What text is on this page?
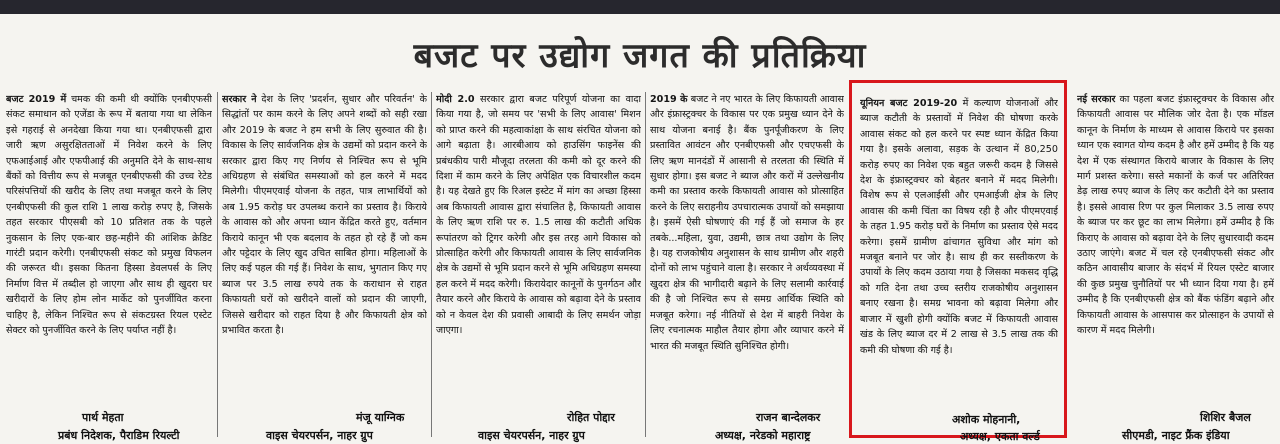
बजट पर उद्योग जगत की प्रतिक्रिया

बजट 2019 में चमक की कमी थी क्योंकि एनबीएफसी संकट समाधान को एजेंडा के रूप में बताया गया था लेकिन इसे गहराई से अनदेखा किया गया था। एनबीएफसी द्वारा जारी ऋण असुरक्षितताओं में निवेश करने के लिए एफआईआई और एफपीआई की अनुमति देने के साथ-साथ बैंकों को वित्तीय रूप से मजबूत एनबीएफसी की उच्च रेटेड परिसंपत्तियों की खरीद के लिए तथा मजबूत करने के लिए एनबीएफसी की कुल राशि 1 लाख करोड़ रुपए है, जिसके तहत सरकार पीएसबी को 10 प्रतिशत तक के पहले नुकसान के लिए एक-बार छह-महीने की आंशिक क्रेडिट गारंटी प्रदान करेगी। एनबीएफसी संकट को प्रमुख विफलन की जरूरत थी। इसका कितना हिस्सा डेवलपर्स के लिए निर्माण वित्त में तब्दील हो जाएगा और साथ ही खुदरा घर खरीदारों के लिए होम लोन मार्केट को पुनर्जीवित करना चाहिए है, लेकिन निश्चित रूप से संकटग्रस्त रियल एस्टेट सेक्टर को पुनर्जीवित करने के लिए पर्याप्त नहीं है।

पार्थ मेहता
प्रबंध निदेशक, पैराडिम रियल्टी

सरकार ने देश के लिए 'प्रदर्शन, सुधार और परिवर्तन' के सिद्धांतों पर काम करने के लिए अपने शब्दों को सही रखा और 2019 के बजट ने हम सभी के लिए सुरुवात की है। विकास के लिए सार्वजनिक क्षेत्र के उद्यमों को प्रदान करने के सरकार द्वारा किए गए निर्णय से निश्चित रूप से भूमि अधिग्रहण से संबंधित समस्याओं को हल करने में मदद मिलेगी। पीएमएवाई योजना के तहत, पात्र लाभार्थियों को अब 1.95 करोड़ घर उपलब्ध कराने का प्रस्ताव है। किराये के आवास को और अपना ध्यान केंद्रित करते हुए, वर्तमान किराये कानून भी एक बदलाव के तहत हो रहे हैं जो कम और पट्टेदार के लिए खुद उचित साबित होगा। महिलाओं के लिए कई पहल की गई हैं। निवेश के साथ, भुगतान किए गए ब्याज पर 3.5 लाख रुपये तक के कराधान से राहत किफायती घरों को खरीदने वालों को प्रदान की जाएगी, जिससे खरीदार को राहत दिया है और किफायती क्षेत्र को प्रभावित करता है।

मंजू याग्निक
वाइस चेयरपर्सन, नाहर ग्रुप

मोदी 2.0 सरकार द्वारा बजट परिपूर्ण योजना का वादा किया गया है, जो समय पर 'सभी के लिए आवास' मिशन को प्राप्त करने की महत्वाकांक्षा के साथ संरचित योजना को आगे बढ़ाता है। आरबीआय को हाउसिंग फाइनेंस की प्रबंधकीय पारी मौजूदा तरलता की कमी को दूर करने की दिशा में काम करने के लिए अपेक्षित एक विचारशील कदम है। यह देखते हुए कि रिअल इस्टेट में मांग का अच्छा हिस्सा अब किफायती आवास द्वारा संचालित है, किफायती आवास के लिए ऋण राशि पर रु. 1.5 लाख की कटौती अधिक रूपांतरण को ट्रिगर करेगी और इस तरह आगे विकास को प्रोत्साहित करेगी और किफायती आवास के लिए सार्वजनिक क्षेत्र के उद्यमों से भूमि प्रदान करने से भूमि अधिग्रहण समस्या हल करने में मदद करेगी। किरायेदार कानूनों के पुनर्गठन और तैयार करने और किराये के आवास को बढ़ावा देने के प्रस्ताव को न केवल देश की प्रवासी आबादी के लिए समर्थन जोड़ा जाएगा।

रोहित पोद्दार
वाइस चेयरपर्सन, नाहर ग्रुप

2019 के बजट ने नए भारत के लिए किफायती आवास और इंफ्रास्ट्रक्चर के विकास पर एक प्रमुख ध्यान देने के साथ योजना बनाई है। बैंक पुनर्पूंजीकरण के लिए प्रस्तावित आवंटन और एनबीएफसी और एचएफसी के लिए ऋण मानदंडों में आसानी से तरलता की स्थिति में सुधार होगा। इस बजट ने ब्याज और करों में उल्लेखनीय कमी का प्रस्ताव करके किफायती आवास को प्रोत्साहित करने के लिए सराहनीय उपचारात्मक उपायों को समझाया है। इसमें ऐसी घोषणाएं की गई हैं जो समाज के हर तबके...महिला, युवा, उद्यमी, छात्र तथा उद्योग के लिए है। यह राजकोषीय अनुशासन के साथ ग्रामीण और शहरी दोनों को लाभ पहुंचाने वाला है। सरकार ने अर्थव्यवस्था में खुदरा क्षेत्र की भागीदारी बढ़ाने के लिए सलामी कार्रवाई की है जो निश्चित रूप से समग्र आर्थिक स्थिति को मजबूत करेगा। नई नीतियों से देश में बाहरी निवेश के लिए रचनात्मक माहौल तैयार होगा और व्यापार करने में भारत की मजबूत स्थिति सुनिश्चित होगी।

राजन बान्देलकर
अध्यक्ष, नरेडको महाराष्ट्र

यूनियन बजट 2019-20 में कल्याण योजनाओं और ब्याज कटौती के प्रस्तावों में निवेश की घोषणा करके आवास संकट को हल करने पर स्पष्ट ध्यान केंद्रित किया गया है। इसके अलावा, सड़क के उत्थान में 80,250 करोड़ रुपए का निवेश एक बहुत जरूरी कदम है जिससे देश के इंफ्रास्ट्रक्चर को बेहतर बनाने में मदद मिलेगी। विशेष रूप से एलआईसी और एमआईजी क्षेत्र के लिए आवास की कमी चिंता का विषय रही है और पीएमएवाई के तहत 1.95 करोड़ घरों के निर्माण का प्रस्ताव ऐसे मदद करेगा। इसमें ग्रामीण ढांचागत सुविधा और मांग को मजबूत बनाने पर जोर है। साथ ही कर सस्तीकरण के उपायों के लिए कदम उठाया गया है जिसका मकसद वृद्धि को गति देना तथा उच्च स्तरीय राजकोषीय अनुशासन बनाए रखना है। समग्र भावना को बढ़ावा मिलेगा और बाजार में खुशी होगी क्योंकि बजट में किफायती आवास खंड के लिए ब्याज दर में 2 लाख से 3.5 लाख तक की कमी की घोषणा की गई है।

अशोक मोहनानी,
अध्यक्ष, एकता वर्ल्ड

नई सरकार का पहला बजट इंफ्रास्ट्रक्चर के विकास और किफायती आवास पर मौलिक जोर देता है। एक मॉडल कानून के निर्माण के माध्यम से आवास किराये पर इसका ध्यान एक स्वागत योग्य कदम है और हमें उम्मीद है कि यह देश में एक संस्थागत किराये बाजार के विकास के लिए मार्ग प्रशस्त करेगा। सस्ते मकानों के कर्ज पर अतिरिक्त डेढ़ लाख रुपए ब्याज के लिए कर कटौती देने का प्रस्ताव है। इससे आवास रिण पर कुल मिलाकर 3.5 लाख रुपए के ब्याज पर कर छूट का लाभ मिलेगा। हमें उम्मीद है कि किराए के आवास को बढ़ावा देने के लिए सुधारवादी कदम उठाए जाएंगे। बजट में चल रहे एनबीएफसी संकट और कठिन आवासीय बाजार के संदर्भ में रियल एस्टेट बाजार की कुछ प्रमुख चुनौतियों पर भी ध्यान दिया गया है। हमें उम्मीद है कि एनबीएफसी क्षेत्र को बैंक फंडिंग बढ़ाने और किफायती आवास के आसपास कर प्रोत्साहन के उपायों से कारण में मदद मिलेगी।

शिशिर बैजल
सीएमडी, नाइट फ्रैंक इंडिया
